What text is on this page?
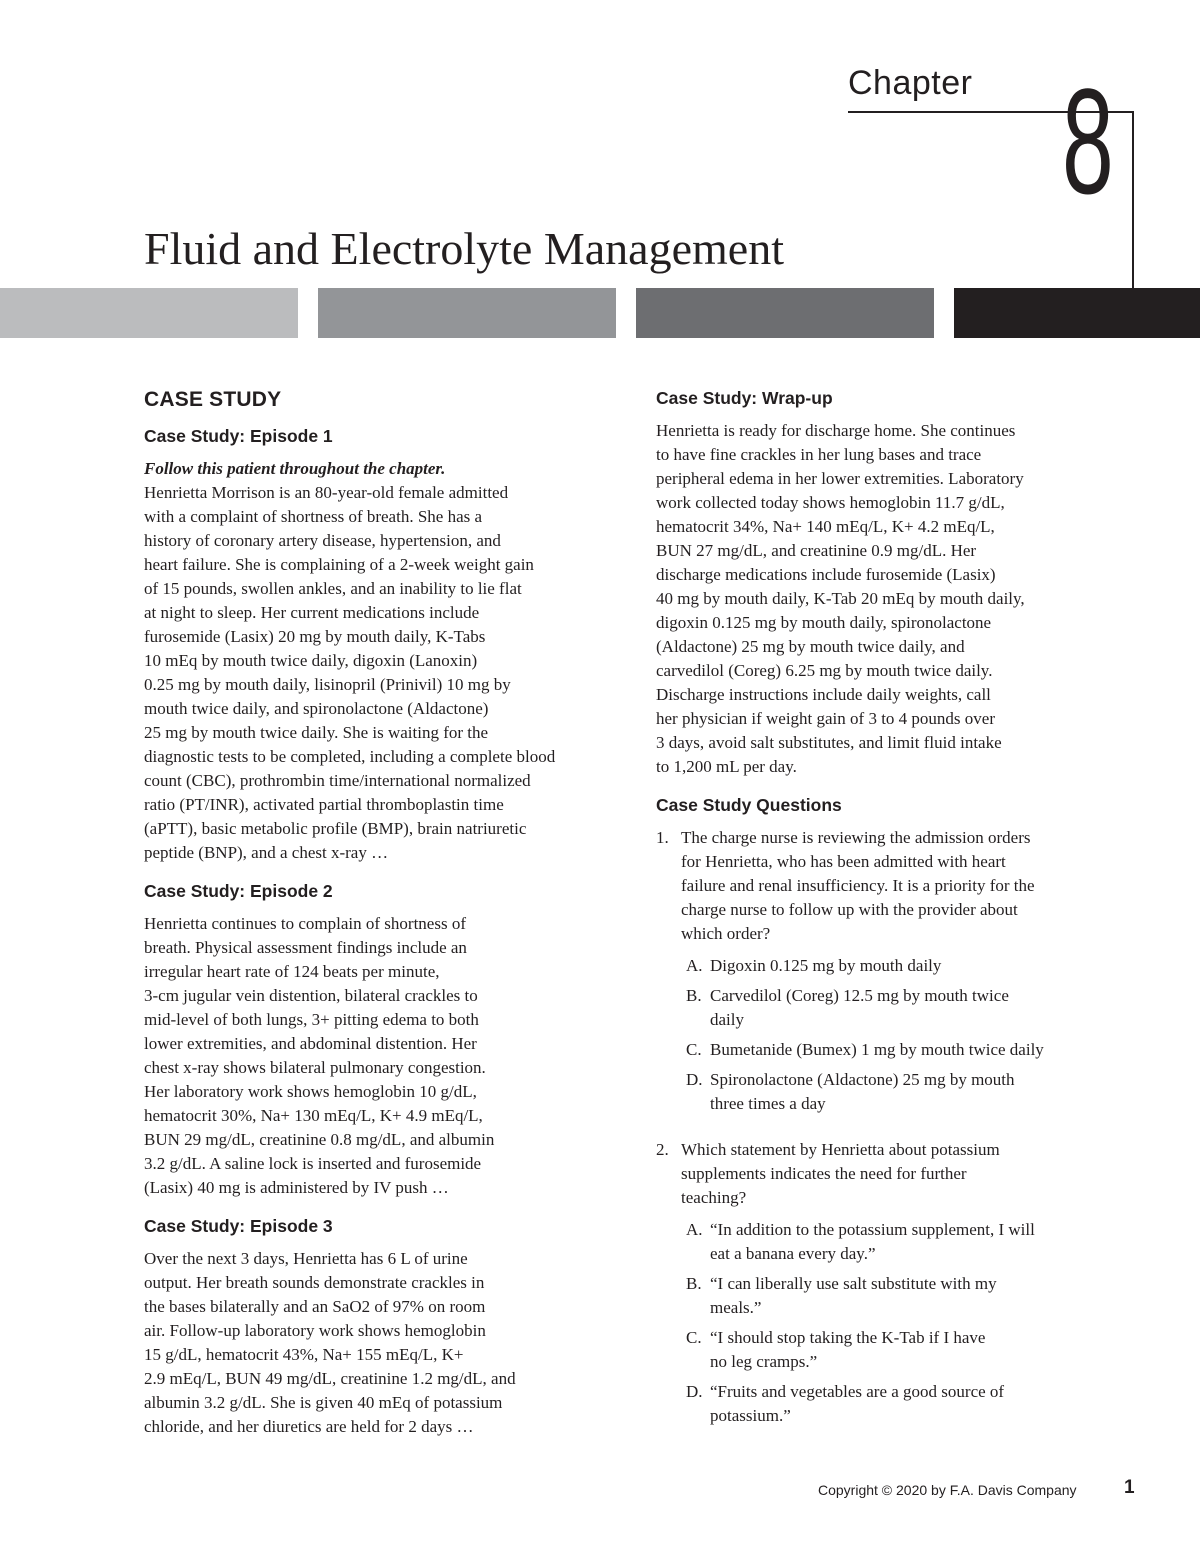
Chapter 8
Fluid and Electrolyte Management
CASE STUDY
Case Study: Episode 1
Follow this patient throughout the chapter.
Henrietta Morrison is an 80-year-old female admitted
with a complaint of shortness of breath. She has a
history of coronary artery disease, hypertension, and
heart failure. She is complaining of a 2-week weight gain
of 15 pounds, swollen ankles, and an inability to lie flat
at night to sleep. Her current medications include
furosemide (Lasix) 20 mg by mouth daily, K-Tabs
10 mEq by mouth twice daily, digoxin (Lanoxin)
0.25 mg by mouth daily, lisinopril (Prinivil) 10 mg by
mouth twice daily, and spironolactone (Aldactone)
25 mg by mouth twice daily. She is waiting for the
diagnostic tests to be completed, including a complete blood
count (CBC), prothrombin time/international normalized
ratio (PT/INR), activated partial thromboplastin time
(aPTT), basic metabolic profile (BMP), brain natriuretic
peptide (BNP), and a chest x-ray …
Case Study: Episode 2
Henrietta continues to complain of shortness of
breath. Physical assessment findings include an
irregular heart rate of 124 beats per minute,
3-cm jugular vein distention, bilateral crackles to
mid-level of both lungs, 3+ pitting edema to both
lower extremities, and abdominal distention. Her
chest x-ray shows bilateral pulmonary congestion.
Her laboratory work shows hemoglobin 10 g/dL,
hematocrit 30%, Na+ 130 mEq/L, K+ 4.9 mEq/L,
BUN 29 mg/dL, creatinine 0.8 mg/dL, and albumin
3.2 g/dL. A saline lock is inserted and furosemide
(Lasix) 40 mg is administered by IV push …
Case Study: Episode 3
Over the next 3 days, Henrietta has 6 L of urine
output. Her breath sounds demonstrate crackles in
the bases bilaterally and an SaO2 of 97% on room
air. Follow-up laboratory work shows hemoglobin
15 g/dL, hematocrit 43%, Na+ 155 mEq/L, K+
2.9 mEq/L, BUN 49 mg/dL, creatinine 1.2 mg/dL, and
albumin 3.2 g/dL. She is given 40 mEq of potassium
chloride, and her diuretics are held for 2 days …
Case Study: Wrap-up
Henrietta is ready for discharge home. She continues
to have fine crackles in her lung bases and trace
peripheral edema in her lower extremities. Laboratory
work collected today shows hemoglobin 11.7 g/dL,
hematocrit 34%, Na+ 140 mEq/L, K+ 4.2 mEq/L,
BUN 27 mg/dL, and creatinine 0.9 mg/dL. Her
discharge medications include furosemide (Lasix)
40 mg by mouth daily, K-Tab 20 mEq by mouth daily,
digoxin 0.125 mg by mouth daily, spironolactone
(Aldactone) 25 mg by mouth twice daily, and
carvedilol (Coreg) 6.25 mg by mouth twice daily.
Discharge instructions include daily weights, call
her physician if weight gain of 3 to 4 pounds over
3 days, avoid salt substitutes, and limit fluid intake
to 1,200 mL per day.
Case Study Questions
1. The charge nurse is reviewing the admission orders
for Henrietta, who has been admitted with heart
failure and renal insufficiency. It is a priority for the
charge nurse to follow up with the provider about
which order?
A. Digoxin 0.125 mg by mouth daily
B. Carvedilol (Coreg) 12.5 mg by mouth twice
daily
C. Bumetanide (Bumex) 1 mg by mouth twice daily
D. Spironolactone (Aldactone) 25 mg by mouth
three times a day
2. Which statement by Henrietta about potassium
supplements indicates the need for further
teaching?
A. “In addition to the potassium supplement, I will
eat a banana every day.”
B. “I can liberally use salt substitute with my
meals.”
C. “I should stop taking the K-Tab if I have
no leg cramps.”
D. “Fruits and vegetables are a good source of
potassium.”
Copyright © 2020 by F.A. Davis Company 1
